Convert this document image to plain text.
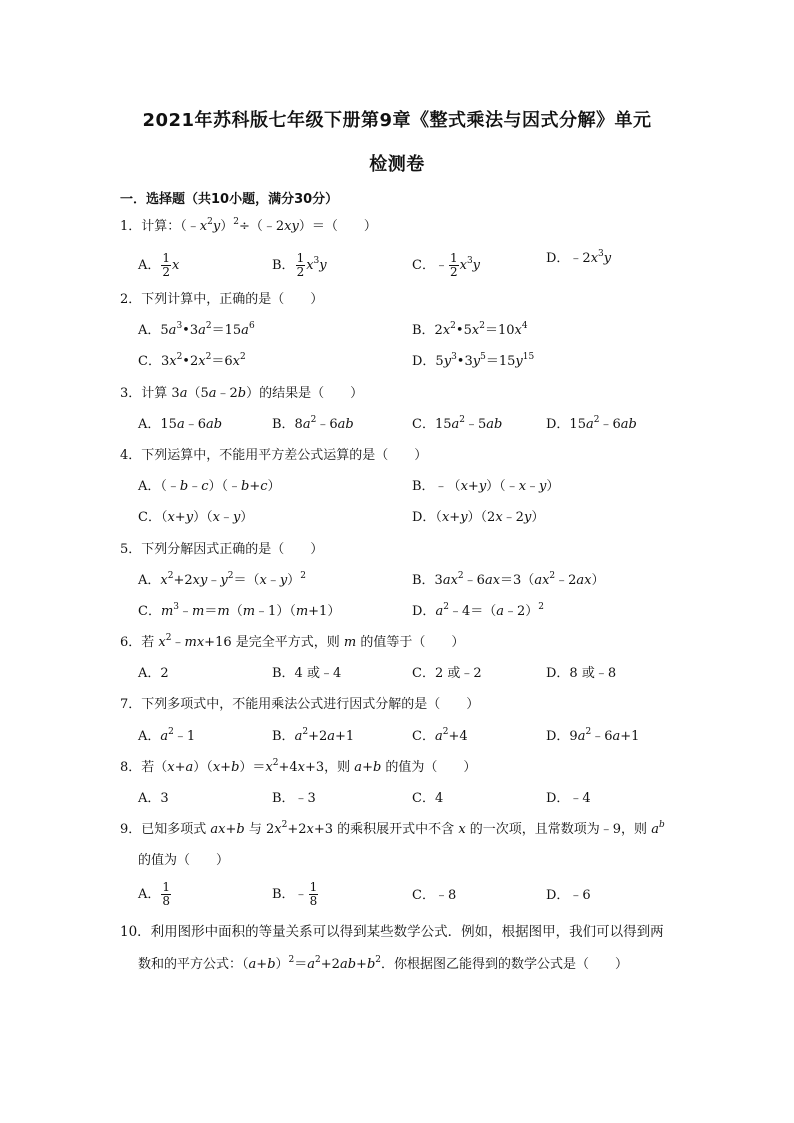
2021年苏科版七年级下册第9章《整式乘法与因式分解》单元
检测卷
一．选择题（共10小题，满分30分）
1．计算：$(﹣x^2y)^2\div(﹣2xy)=$（　　）
A． $\frac{1}{2}$ x	B． $\frac{1}{2} x^3y$	C．﹣ $\frac{1}{2} x^3y$	D．$﹣2x^3y$
2．下列计算中，正确的是（　　）
A．$5a^3•3a^2=15a^6$	B．$2x^2•5x^2=10x^4$
C．$3x^2•2x^2=6x^2$	D．$5y^3•3y^5=15y^{15}$
3．计算 3a（5a﹣2b）的结果是（　　）
A．15a﹣6ab	B．$8a^2﹣6ab$	C．$15a^2﹣5ab$	D．$15a^2﹣6ab$
4．下列运算中，不能用平方差公式运算的是（　　）
A．（﹣b﹣c）（﹣b+c）	B．﹣（x+y）（﹣x﹣y）
C．（x+y）（x﹣y）	D．（x+y）（2x﹣2y）
5．下列分解因式正确的是（　　）
A．$x^2+2xy﹣y^2=(x﹣y)^2$	B．$3ax^2﹣6ax=3(ax^2﹣2ax)$
C．$m^3﹣m=m(m﹣1)(m+1)$	D．$a^2﹣4=(a﹣2)^2$
6．若 $x^2﹣mx+16$ 是完全平方式，则 m 的值等于（　　）
A．2	B．4 或﹣4	C．2 或﹣2	D．8 或﹣8
7．下列多项式中，不能用乘法公式进行因式分解的是（　　）
A．$a^2﹣1$	B．$a^2+2a+1$	C．$a^2+4$	D．$9a^2﹣6a+1$
8．若$(x+a)(x+b)=x^2+4x+3$，则 a+b 的值为（　　）
A．3	B．﹣3	C．4	D．﹣4
9．已知多项式 ax+b 与 $2x^2+2x+3$ 的乘积展开式中不含 x 的一次项，且常数项为﹣9，则 $a^b$
的值为（　　）
A． $\frac{1}{8}$	B．﹣ $\frac{1}{8}$	C．﹣8	D．﹣6
10．利用图形中面积的等量关系可以得到某些数学公式．例如，根据图甲，我们可以得到两
数和的平方公式：$(a+b)^2=a^2+2ab+b^2$．你根据图乙能得到的数学公式是（　　）
